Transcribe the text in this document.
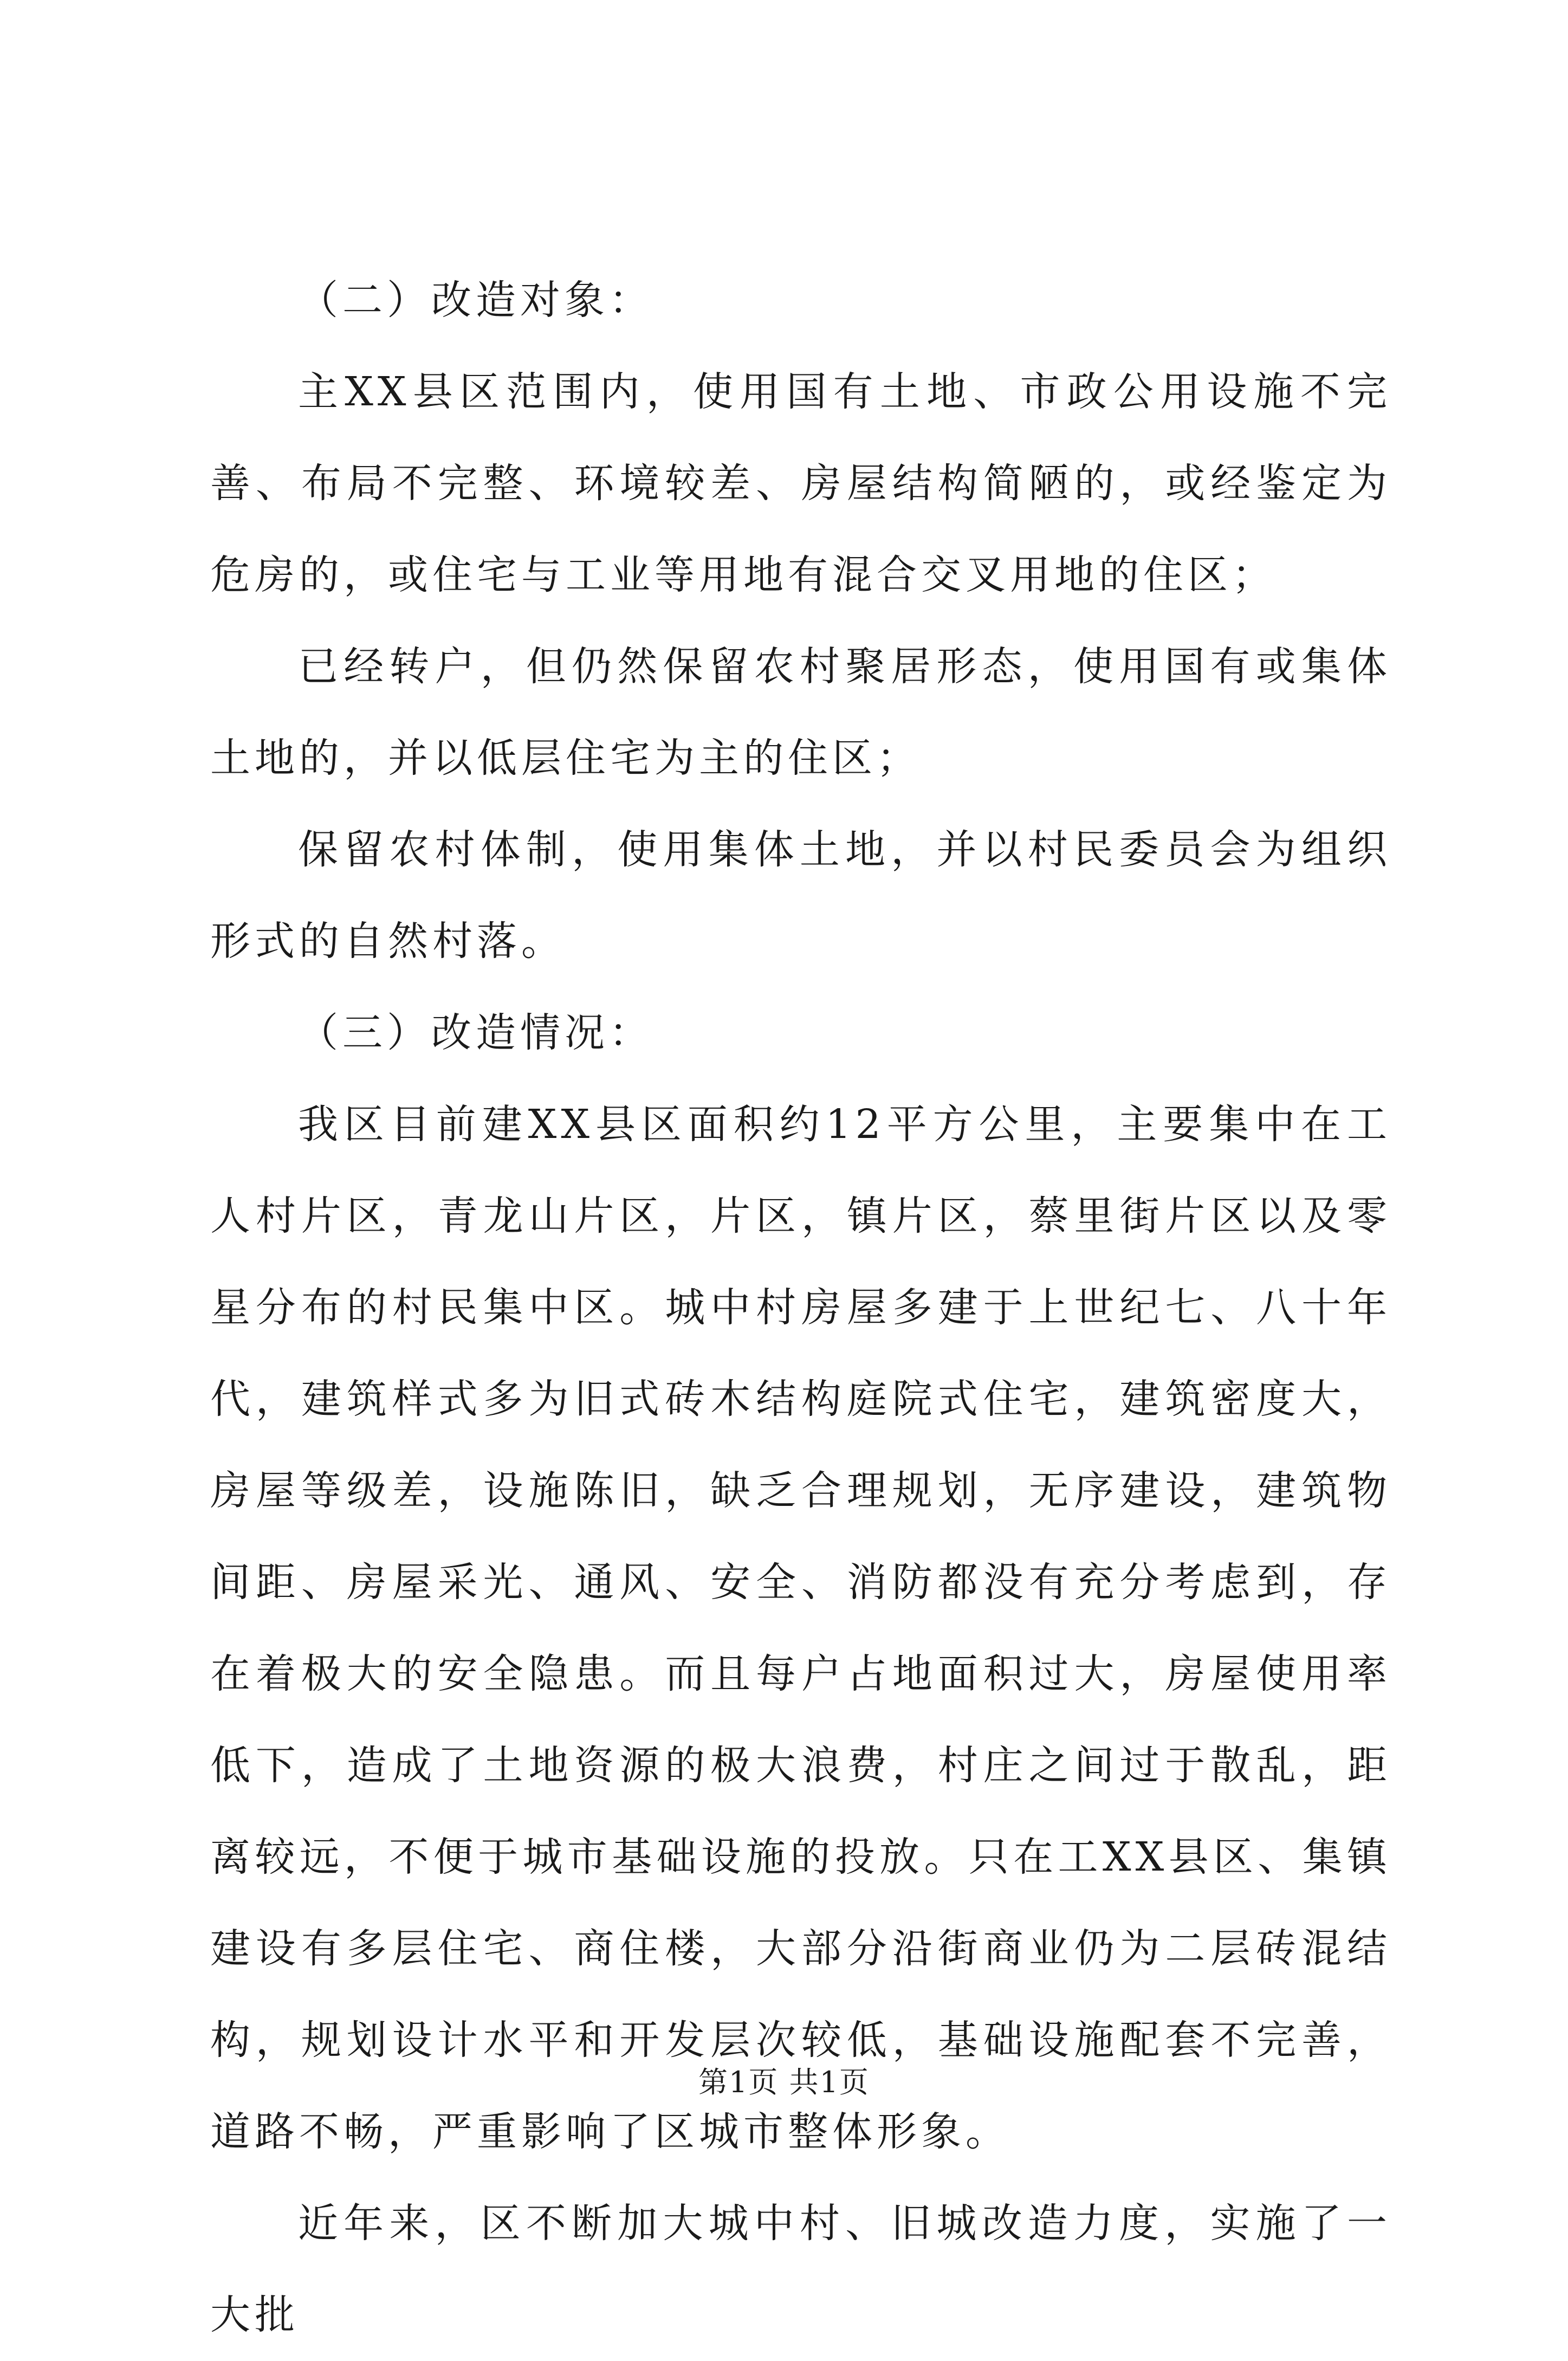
（二）改造对象：

主XX县区范围内，使用国有土地、市政公用设施不完善、布局不完整、环境较差、房屋结构简陋的，或经鉴定为危房的，或住宅与工业等用地有混合交叉用地的住区；

已经转户，但仍然保留农村聚居形态，使用国有或集体土地的，并以低层住宅为主的住区；

保留农村体制，使用集体土地，并以村民委员会为组织形式的自然村落。

（三）改造情况：

我区目前建XX县区面积约12平方公里，主要集中在工人村片区，青龙山片区，片区，镇片区，蔡里街片区以及零星分布的村民集中区。城中村房屋多建于上世纪七、八十年代，建筑样式多为旧式砖木结构庭院式住宅，建筑密度大，房屋等级差，设施陈旧，缺乏合理规划，无序建设，建筑物间距、房屋采光、通风、安全、消防都没有充分考虑到，存在着极大的安全隐患。而且每户占地面积过大，房屋使用率低下，造成了土地资源的极大浪费，村庄之间过于散乱，距离较远，不便于城市基础设施的投放。只在工XX县区、集镇建设有多层住宅、商住楼，大部分沿街商业仍为二层砖混结构，规划设计水平和开发层次较低，基础设施配套不完善，道路不畅，严重影响了区城市整体形象。

近年来，区不断加大城中村、旧城改造力度，实施了一大批

第1页 共1页
